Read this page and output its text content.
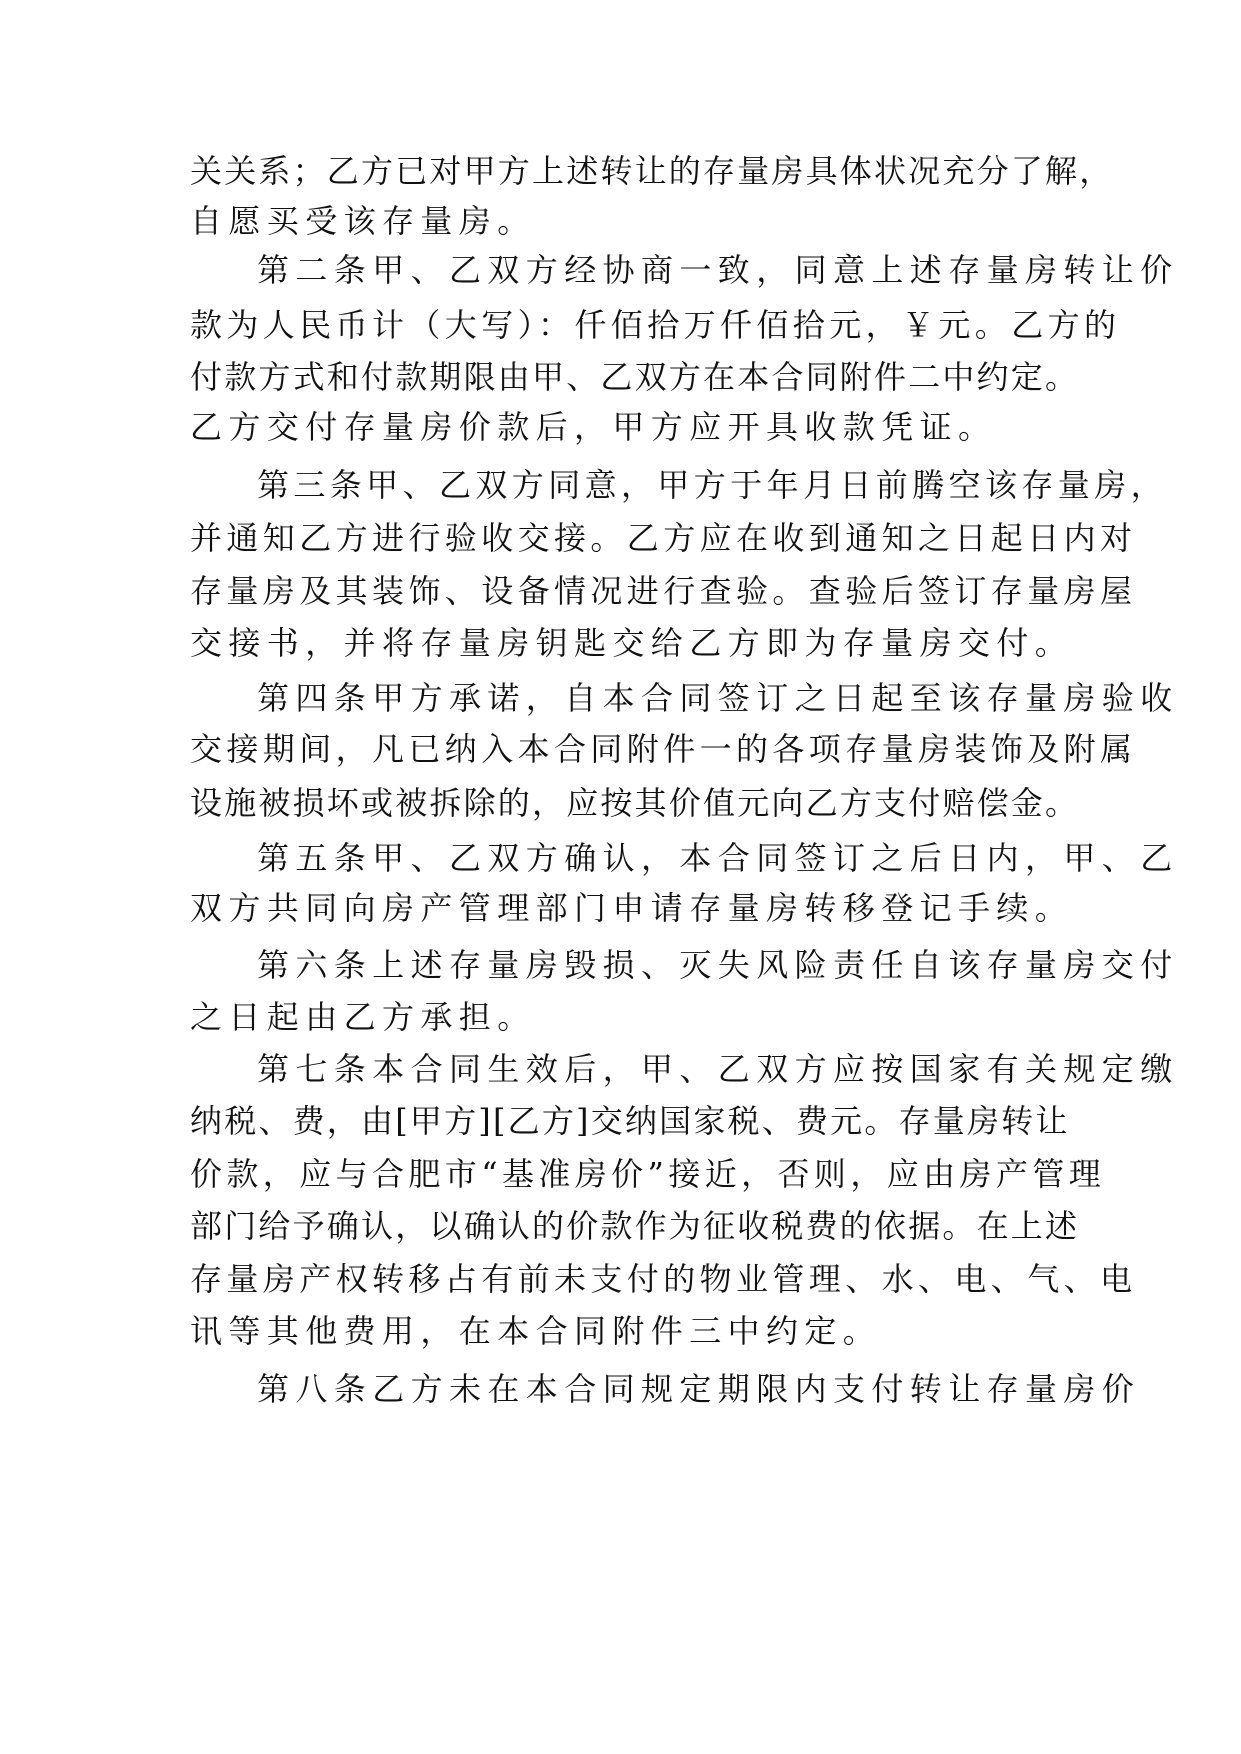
关关系；乙方已对甲方上述转让的存量房具体状况充分了解，
自愿买受该存量房。
第二条甲、乙双方经协商一致，同意上述存量房转让价
款为人民币计（大写）：仟佰拾万仟佰拾元，￥元。乙方的
付款方式和付款期限由甲、乙双方在本合同附件二中约定。
乙方交付存量房价款后，甲方应开具收款凭证。
第三条甲、乙双方同意，甲方于年月日前腾空该存量房，
并通知乙方进行验收交接。乙方应在收到通知之日起日内对
存量房及其装饰、设备情况进行查验。查验后签订存量房屋
交接书，并将存量房钥匙交给乙方即为存量房交付。
第四条甲方承诺，自本合同签订之日起至该存量房验收
交接期间，凡已纳入本合同附件一的各项存量房装饰及附属
设施被损坏或被拆除的，应按其价值元向乙方支付赔偿金。
第五条甲、乙双方确认，本合同签订之后日内，甲、乙
双方共同向房产管理部门申请存量房转移登记手续。
第六条上述存量房毁损、灭失风险责任自该存量房交付
之日起由乙方承担。
第七条本合同生效后，甲、乙双方应按国家有关规定缴
纳税、费，由[甲方][乙方]交纳国家税、费元。存量房转让
价款，应与合肥市“基准房价”接近，否则，应由房产管理
部门给予确认，以确认的价款作为征收税费的依据。在上述
存量房产权转移占有前未支付的物业管理、水、电、气、电
讯等其他费用，在本合同附件三中约定。
第八条乙方未在本合同规定期限内支付转让存量房价
